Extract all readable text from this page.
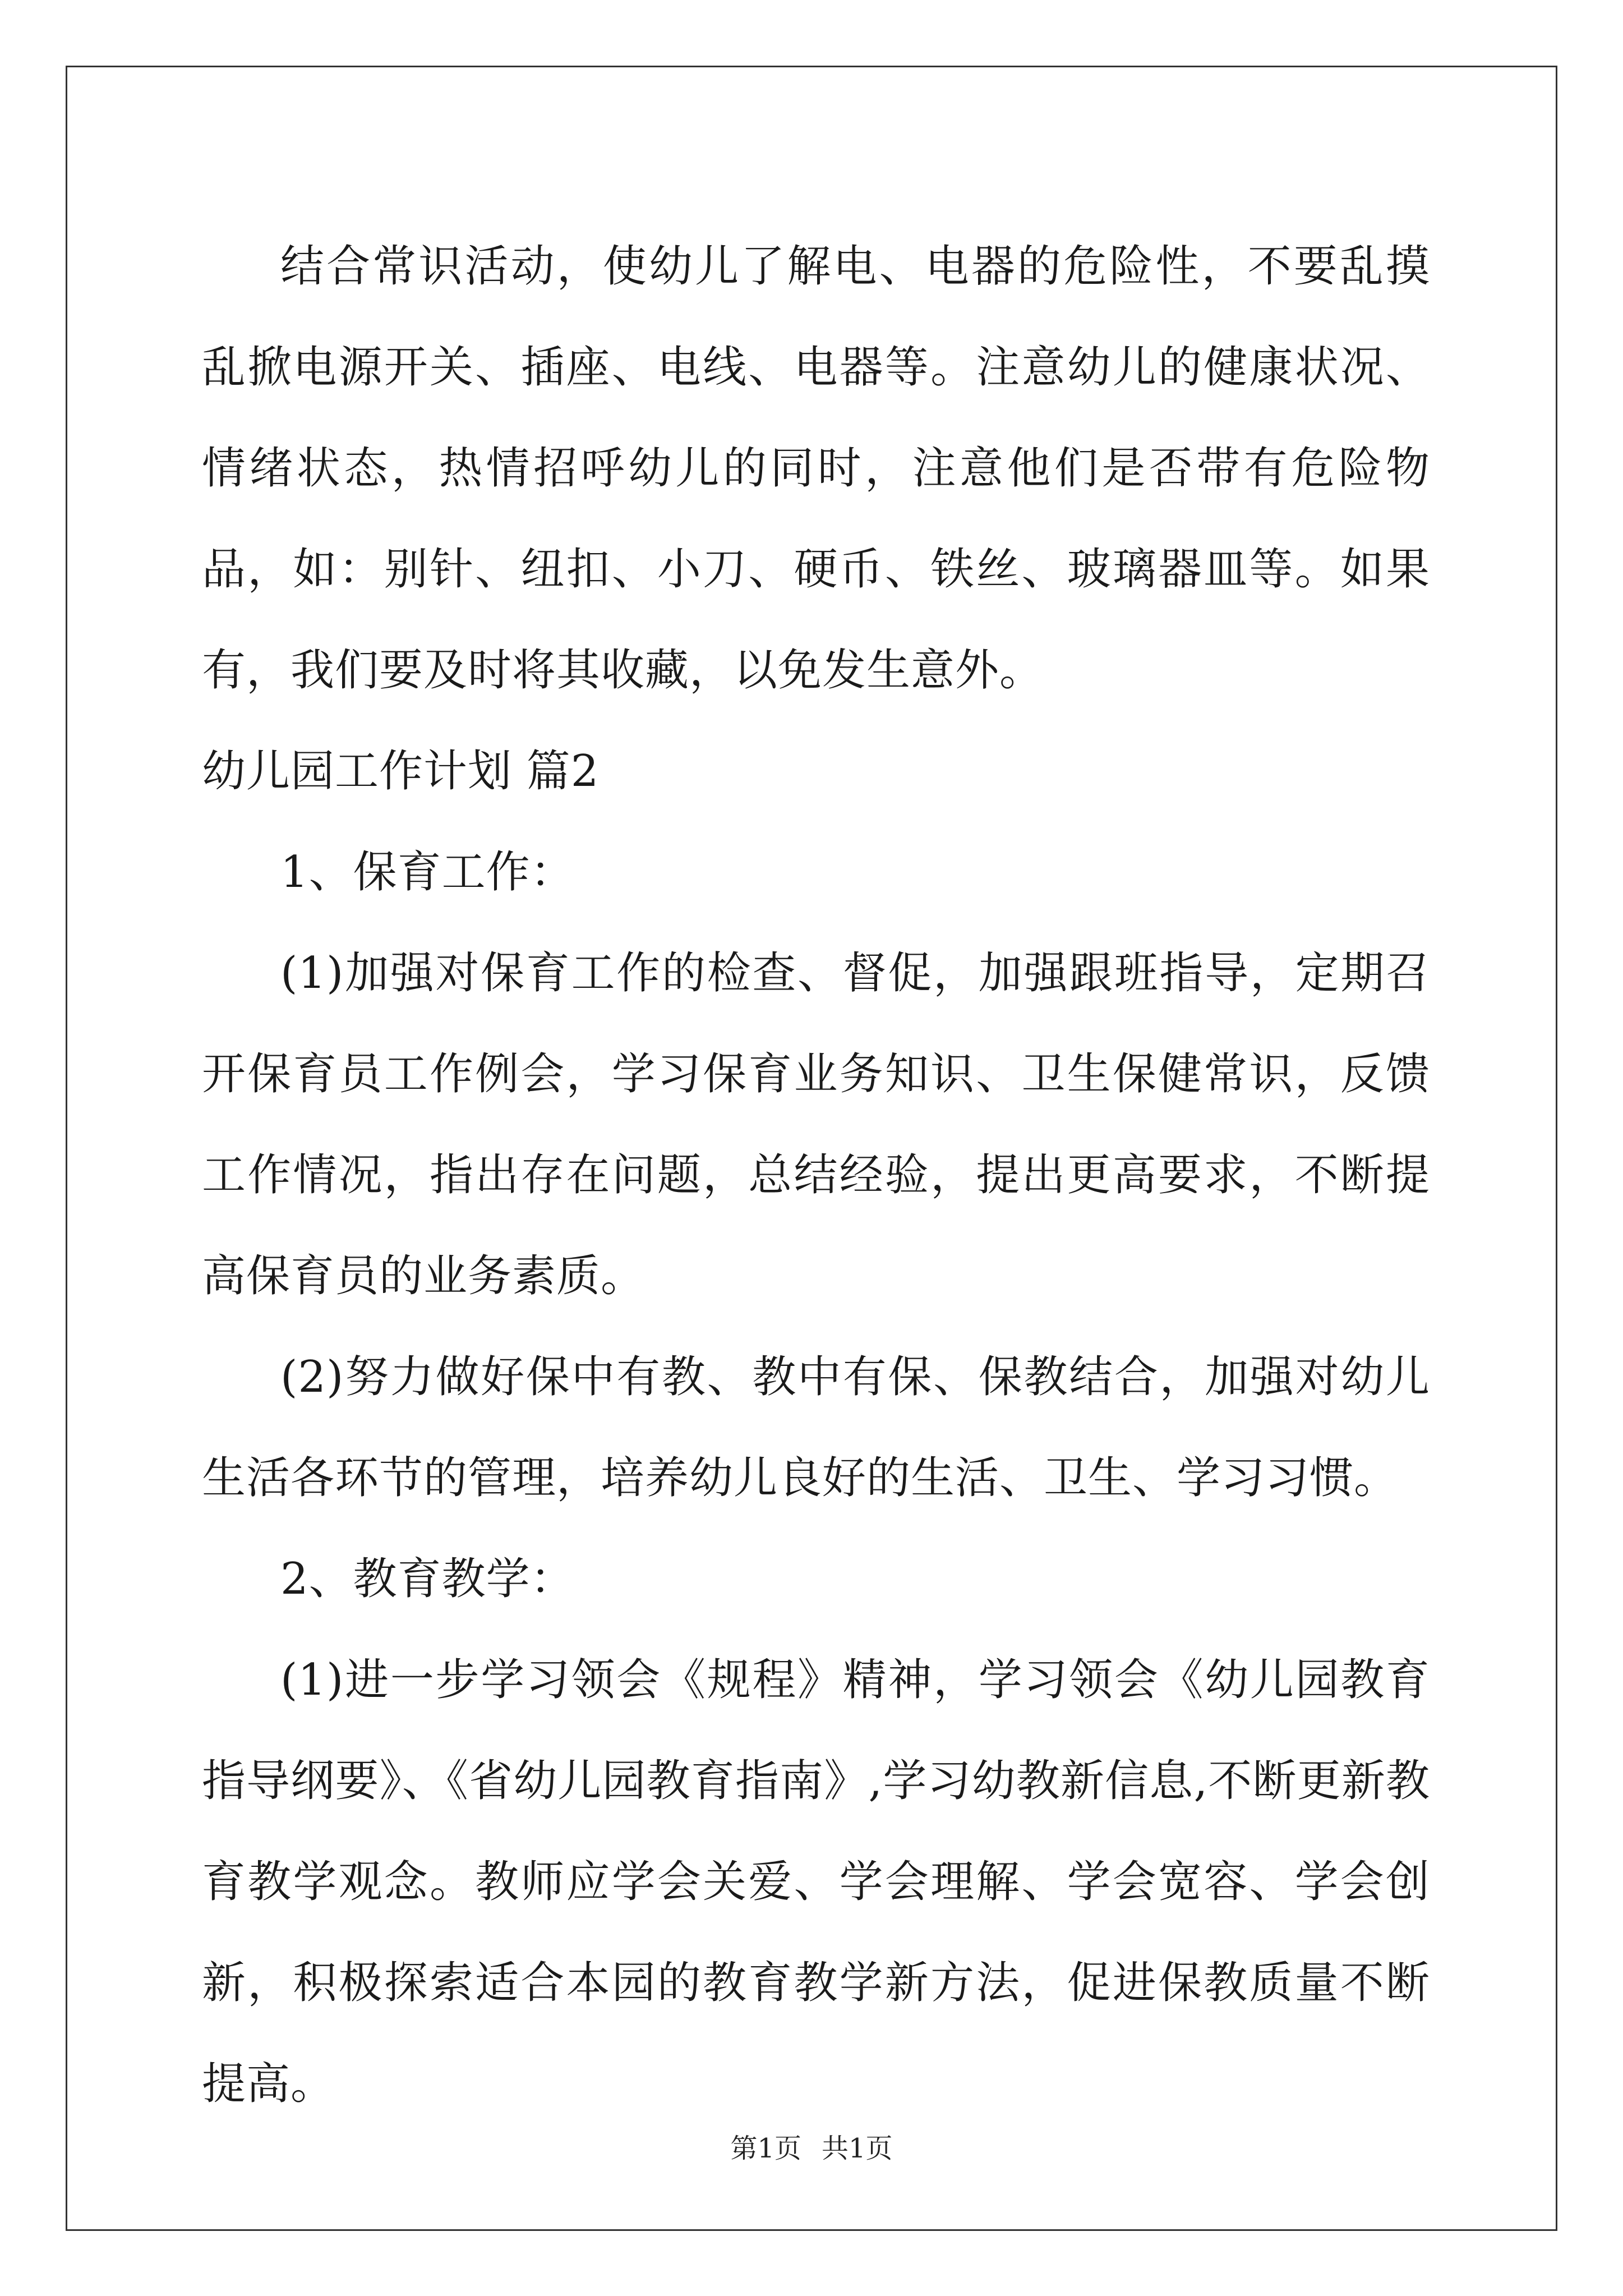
结合常识活动，使幼儿了解电、电器的危险性，不要乱摸乱掀电源开关、插座、电线、电器等。注意幼儿的健康状况、情绪状态，热情招呼幼儿的同时，注意他们是否带有危险物品，如：别针、纽扣、小刀、硬币、铁丝、玻璃器皿等。如果有，我们要及时将其收藏，以免发生意外。

幼儿园工作计划 篇2

1、保育工作：

(1)加强对保育工作的检查、督促，加强跟班指导，定期召开保育员工作例会，学习保育业务知识、卫生保健常识，反馈工作情况，指出存在问题，总结经验，提出更高要求，不断提高保育员的业务素质。

(2)努力做好保中有教、教中有保、保教结合，加强对幼儿生活各环节的管理，培养幼儿良好的生活、卫生、学习习惯。

2、教育教学：

(1)进一步学习领会《规程》精神，学习领会《幼儿园教育指导纲要》、《省幼儿园教育指南》,学习幼教新信息,不断更新教育教学观念。教师应学会关爱、学会理解、学会宽容、学会创新，积极探索适合本园的教育教学新方法，促进保教质量不断提高。

第1页 共1页
